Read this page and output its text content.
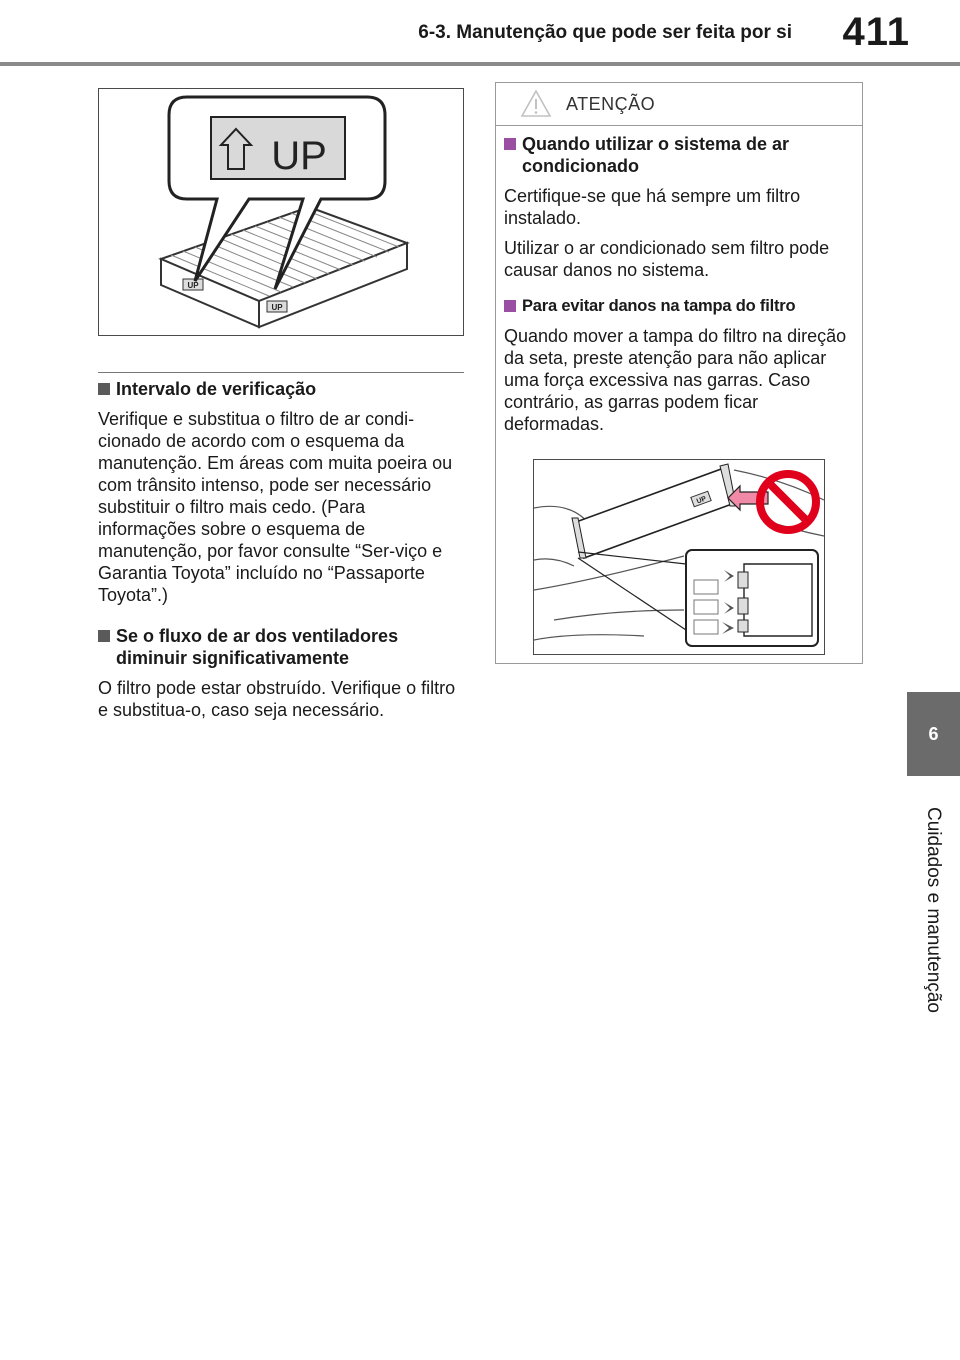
6-3. Manutenção que pode ser feita por si	411
6
Cuidados e manutenção
UP
UP
UP
Intervalo de verificação

Verifique e substitua o filtro de ar condi-cionado de acordo com o esquema da manutenção. Em áreas com muita poeira ou com trânsito intenso, pode ser necessário substituir o filtro mais cedo. (Para informações sobre o esquema de manutenção, por favor consulte “Ser-viço e Garantia Toyota” incluído no “Passaporte Toyota”.)

Se o fluxo de ar dos ventiladores diminuir significativamente

O filtro pode estar obstruído. Verifique o filtro e substitua-o, caso seja necessário.

ATENÇÃO
Quando utilizar o sistema de ar condicionado

Certifique-se que há sempre um filtro instalado.

Utilizar o ar condicionado sem filtro pode causar danos no sistema.

Para evitar danos na tampa do filtro

Quando mover a tampa do filtro na direção da seta, preste atenção para não aplicar uma força excessiva nas garras. Caso contrário, as garras podem ficar deformadas.

UP
